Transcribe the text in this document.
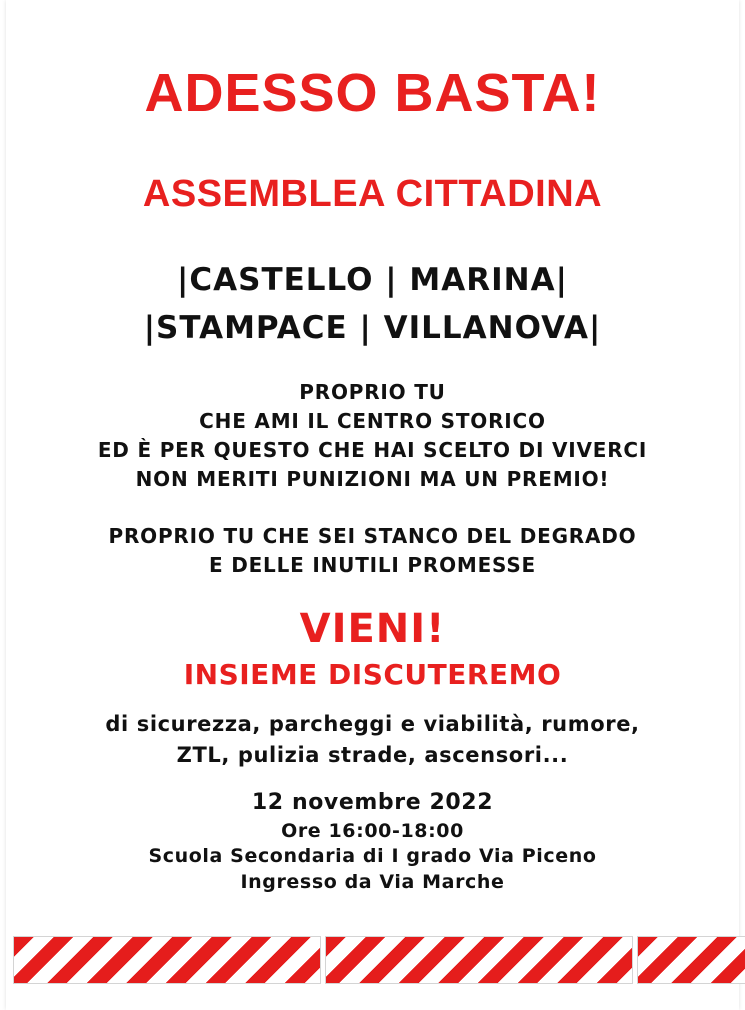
ADESSO BASTA!
ASSEMBLEA CITTADINA
|CASTELLO | MARINA|
|STAMPACE | VILLANOVA|
PROPRIO TU
CHE AMI IL CENTRO STORICO
ED È PER QUESTO CHE HAI SCELTO DI VIVERCI
NON MERITI PUNIZIONI MA UN PREMIO!
PROPRIO TU CHE SEI STANCO DEL DEGRADO
E DELLE INUTILI PROMESSE
VIENI!
INSIEME DISCUTEREMO
di sicurezza, parcheggi e viabilità, rumore,
ZTL, pulizia strade, ascensori...
12 novembre 2022
Ore 16:00-18:00
Scuola Secondaria di I grado Via Piceno
Ingresso da Via Marche
